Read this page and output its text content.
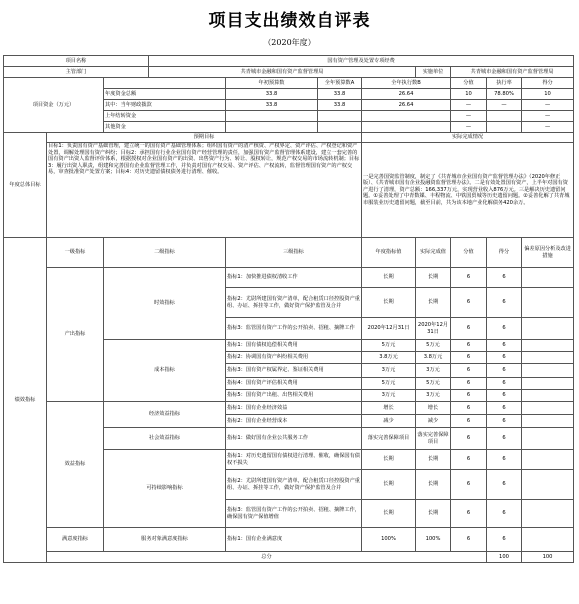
项目支出绩效自评表
（2020年度）
项目名称			国有资产管理及处置专项经费								
主管部门			共青城市金融和国有资产监督管理局				实施单位	共青城市金融和国有资产监督管理局			
项目资金（万元）				年初预算数	全年预算数A	全年执行数B		分值	执行率	得分	
		年度资金总额		33.8	33.8	26.64		10	78.80%	10	
		其中：当年财政拨款		33.8	33.8	26.64		—	—	—	
		上年结转资金						—		—	
		其他资金						—		—	
年度总体目标	预期目标					实际完成情况					
	目标1：负责国有资产基础管理，建立统一的国有资产基础管理体系；组织国有资产的清产核资、产权界定、资产评估、产权登记和资产处置，调解处理国有资产纠纷；目标2：承担国有行业企业国有资产经营管理的责任，加强国有资产监督管理体系建设，建立一套完善的国有资产出资人监督评价体系，根据授权对企业国有资产的出资、出售资产行为、转让、股权转让，规范产权交易的市场流转机制；目标3：履行出资人职责，组建和完善国有企业监督管理工作，并负责对国有产权交易、资产评估、产权流转，监督管理国有资产的产权交易，审查批准资产处置方案；目标4：对历史遗留债权债务进行清理、催收。					一是完善国资监管制度，制定了《共青城市企业国有资产监督管理办法》（2020年修正版）、《共青城市国有企业投融资监督管理办法》。二是有效处置国有资产，上半年对国有资产进行了清理，资产总额：166,337万元，实现营业收入876万元。三是解决历史遗留问题。①妥善处理了中青数媒、丰程物流、中铁国贸城等历史遗留问题。②妥善化解了共青城市服装业历史遗留问题，截至目前，共为该本地产业化解债务420余万。					
绩效指标	一级指标	二级指标		三级指标		年度指标值	实际完成值	分值	得分	偏差原因分析及改进措施	
	产出指标	时效指标		指标1：加快推进债权清收工作		长期	长期	6	6		
				指标2：尤尉所建国有资产清单，配合租赁口径控股资产重组、办证、拆挂等工作，做好资产保护监管及合并		长期	长期	6	6		
				指标3：监管国有资产工作的公开拍卖、招租、摘牌工作		2020年12月31日	2020年12月31日	6	6		
		成本指标		指标1：国有债权追偿相关费用		5万元	5万元	6	6		
				指标2：协调国有资产纠纷相关费用		3.8万元	3.8万元	6	6		
				指标3：国有资产权属界定、鉴证相关费用		3万元	3万元	6	6		
				指标4：国有资产评估相关费用		5万元	5万元	6	6		
				指标5：国有资产出租、出售相关费用		3万元	3万元	6	6		
	效益指标	经济效益指标		指标1：国有企业经济效益		增长	增长	6	6		
				指标2：国有企业经营成本		减少	减少	6	6		
		社会效益指标		指标1：做好国有企业公共服务工作		落实完善保障项目	落实完善保障项目	6	6		
		可持续影响指标		指标1：对历史遗留国有债权进行清理、催收，确保国有债权不损失		长期	长期	6	6		
				指标2：尤尉所建国有资产清单，配合租赁口径控股资产重组、办证、拆挂等工作，做好资产保护监管及合并		长期	长期	6	6		
				指标3：监管国有资产工作的公开拍卖、招租、摘牌工作，确保国有资产保值增值		长期	长期	6	6		
	满意度指标	服务对象满意度指标		指标1：国有企业满意度		100%	100%	6	6		
	总分								100	100	
